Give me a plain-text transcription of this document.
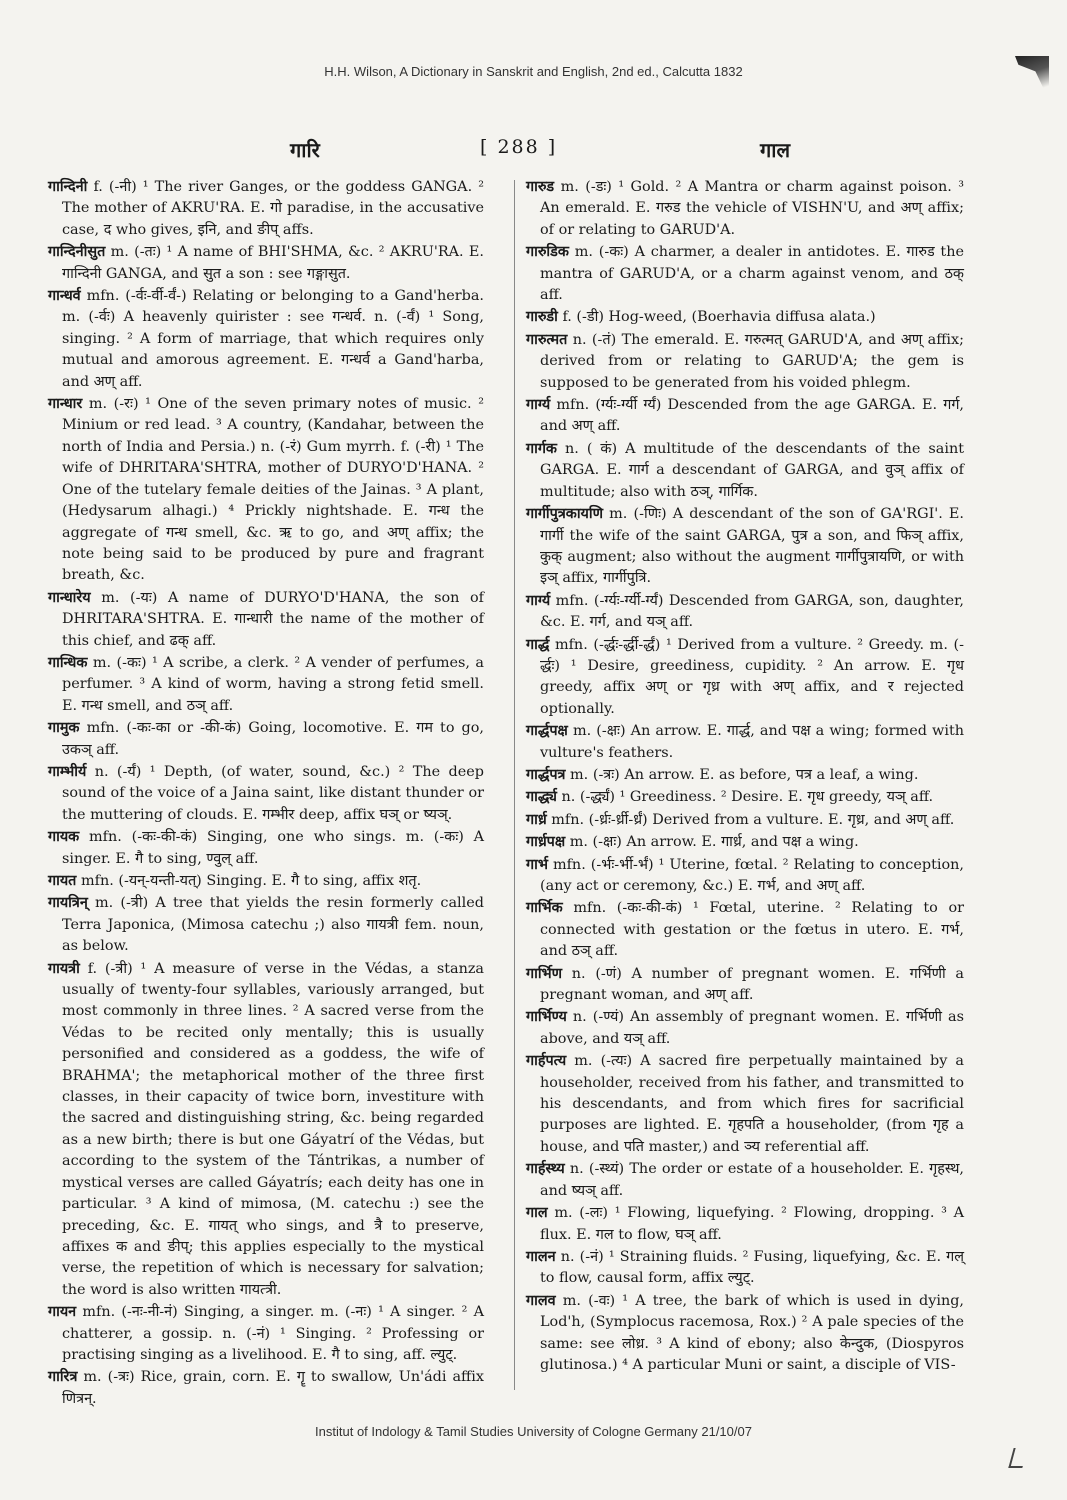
H.H. Wilson, A Dictionary in Sanskrit and English, 2nd ed., Calcutta 1832
गारि	[ 288 ]	गाल

गान्दिनी f. (-नी) ¹ The river Ganges, or the goddess GANGA. ² The mother of AKRU'RA. E. गो paradise, in the accusative case, द who gives, इनि, and ङीप् affs.

गान्दिनीसुत m. (-तः) ¹ A name of BHI'SHMA, &c. ² AKRU'RA. E. गान्दिनी GANGA, and सुत a son : see गङ्गासुत.

गान्धर्व mfn. (-र्वः-र्वी-र्वं-) Relating or belonging to a Gand'herba. m. (-र्वः) A heavenly quirister : see गन्धर्व. n. (-र्वं) ¹ Song, singing. ² A form of marriage, that which requires only mutual and amorous agreement. E. गन्धर्व a Gand'harba, and अण् aff.

गान्धार m. (-रः) ¹ One of the seven primary notes of music. ² Minium or red lead. ³ A country, (Kandahar, between the north of India and Persia.) n. (-रं) Gum myrrh. f. (-री) ¹ The wife of DHRITARA'SHTRA, mother of DURYO'D'HANA. ² One of the tutelary female deities of the Jainas. ³ A plant, (Hedysarum alhagi.) ⁴ Prickly nightshade. E. गन्ध the aggregate of गन्ध smell, &c. ऋ to go, and अण् affix; the note being said to be produced by pure and fragrant breath, &c.

गान्धारेय m. (-यः) A name of DURYO'D'HANA, the son of DHRITARA'SHTRA. E. गान्धारी the name of the mother of this chief, and ढक् aff.

गान्धिक m. (-कः) ¹ A scribe, a clerk. ² A vender of perfumes, a perfumer. ³ A kind of worm, having a strong fetid smell. E. गन्ध smell, and ठञ् aff.

गामुक mfn. (-कः-का or -की-कं) Going, locomotive. E. गम to go, उकञ् aff.

गाम्भीर्य n. (-र्यं) ¹ Depth, (of water, sound, &c.) ² The deep sound of the voice of a Jaina saint, like distant thunder or the muttering of clouds. E. गम्भीर deep, affix घञ् or ष्यञ्.

गायक mfn. (-कः-की-कं) Singing, one who sings. m. (-कः) A singer. E. गै to sing, ण्वुल् aff.

गायत mfn. (-यन्-यन्ती-यत्) Singing. E. गै to sing, affix शतृ.

गायत्रिन् m. (-त्री) A tree that yields the resin formerly called Terra Japonica, (Mimosa catechu ;) also गायत्री fem. noun, as below.

गायत्री f. (-त्री) ¹ A measure of verse in the Védas, a stanza usually of twenty-four syllables, variously arranged, but most commonly in three lines. ² A sacred verse from the Védas to be recited only mentally; this is usually personified and considered as a goddess, the wife of BRAHMA'; the metaphorical mother of the three first classes, in their capacity of twice born, investiture with the sacred and distinguishing string, &c. being regarded as a new birth; there is but one Gáyatrí of the Védas, but according to the system of the Tántrikas, a number of mystical verses are called Gáyatrís; each deity has one in particular. ³ A kind of mimosa, (M. catechu :) see the preceding, &c. E. गायत् who sings, and त्रै to preserve, affixes क and ङीप्; this applies especially to the mystical verse, the repetition of which is necessary for salvation; the word is also written गायत्त्री.

गायन mfn. (-नः-नी-नं) Singing, a singer. m. (-नः) ¹ A singer. ² A chatterer, a gossip. n. (-नं) ¹ Singing. ² Professing or practising singing as a livelihood. E. गै to sing, aff. ल्युट्.

गारित्र m. (-त्रः) Rice, grain, corn. E. गॄ to swallow, Un'ádi affix णित्रन्.

गारुड m. (-डः) ¹ Gold. ² A Mantra or charm against poison. ³ An emerald. E. गरुड the vehicle of VISHN'U, and अण् affix; of or relating to GARUD'A.

गारुडिक m. (-कः) A charmer, a dealer in antidotes. E. गारुड the mantra of GARUD'A, or a charm against venom, and ठक् aff.

गारुडी f. (-डी) Hog-weed, (Boerhavia diffusa alata.)

गारुत्मत n. (-तं) The emerald. E. गरुत्मत् GARUD'A, and अण् affix; derived from or relating to GARUD'A; the gem is supposed to be generated from his voided phlegm.

गार्ग्य mfn. (र्ग्यः-र्ग्यी र्ग्यं) Descended from the age GARGA. E. गर्ग, and अण् aff.

गार्गक n. ( कं) A multitude of the descendants of the saint GARGA. E. गार्ग a descendant of GARGA, and वुञ् affix of multitude; also with ठञ्, गार्गिक.

गार्गीपुत्रकायणि m. (-णिः) A descendant of the son of GA'RGI'. E. गार्गी the wife of the saint GARGA, पुत्र a son, and फिञ् affix, कुक् augment; also without the augment गार्गीपुत्रायणि, or with इञ् affix, गार्गीपुत्रि.

गार्ग्य mfn. (-र्ग्यः-र्ग्यी-र्ग्यं) Descended from GARGA, son, daughter, &c. E. गर्ग, and यञ् aff.

गार्द्ध mfn. (-र्द्धः-र्द्धी-र्द्धं) ¹ Derived from a vulture. ² Greedy. m. (-र्द्धः) ¹ Desire, greediness, cupidity. ² An arrow. E. गृध greedy, affix अण् or गृध्र with अण् affix, and र rejected optionally.

गार्द्धपक्ष m. (-क्षः) An arrow. E. गार्द्ध, and पक्ष a wing; formed with vulture's feathers.

गार्द्धपत्र m. (-त्रः) An arrow. E. as before, पत्र a leaf, a wing.

गार्द्ध्य n. (-र्द्ध्यं) ¹ Greediness. ² Desire. E. गृध greedy, यञ् aff.

गार्ध्र mfn. (-र्ध्रः-र्ध्री-र्ध्रं) Derived from a vulture. E. गृध्र, and अण् aff.

गार्ध्रपक्ष m. (-क्षः) An arrow. E. गार्ध्र, and पक्ष a wing.

गार्भ mfn. (-र्भः-र्भी-र्भं) ¹ Uterine, fœtal. ² Relating to conception, (any act or ceremony, &c.) E. गर्भ, and अण् aff.

गार्भिक mfn. (-कः-की-कं) ¹ Fœtal, uterine. ² Relating to or connected with gestation or the fœtus in utero. E. गर्भ, and ठञ् aff.

गार्भिण n. (-णं) A number of pregnant women. E. गर्भिणी a pregnant woman, and अण् aff.

गार्भिण्य n. (-ण्यं) An assembly of pregnant women. E. गर्भिणी as above, and यञ् aff.

गार्हपत्य m. (-त्यः) A sacred fire perpetually maintained by a householder, received from his father, and transmitted to his descendants, and from which fires for sacrificial purposes are lighted. E. गृहपति a householder, (from गृह a house, and पति master,) and ञ्य referential aff.

गार्हस्थ्य n. (-स्थ्यं) The order or estate of a householder. E. गृहस्थ, and ष्यञ् aff.

गाल m. (-लः) ¹ Flowing, liquefying. ² Flowing, dropping. ³ A flux. E. गल to flow, घञ् aff.

गालन n. (-नं) ¹ Straining fluids. ² Fusing, liquefying, &c. E. गल् to flow, causal form, affix ल्युट्.

गालव m. (-वः) ¹ A tree, the bark of which is used in dying, Lod'h, (Symplocus racemosa, Rox.) ² A pale species of the same: see लोध्र. ³ A kind of ebony; also केन्दुक, (Diospyros glutinosa.) ⁴ A particular Muni or saint, a disciple of VIS-

Institut of Indology & Tamil Studies University of Cologne Germany 21/10/07
